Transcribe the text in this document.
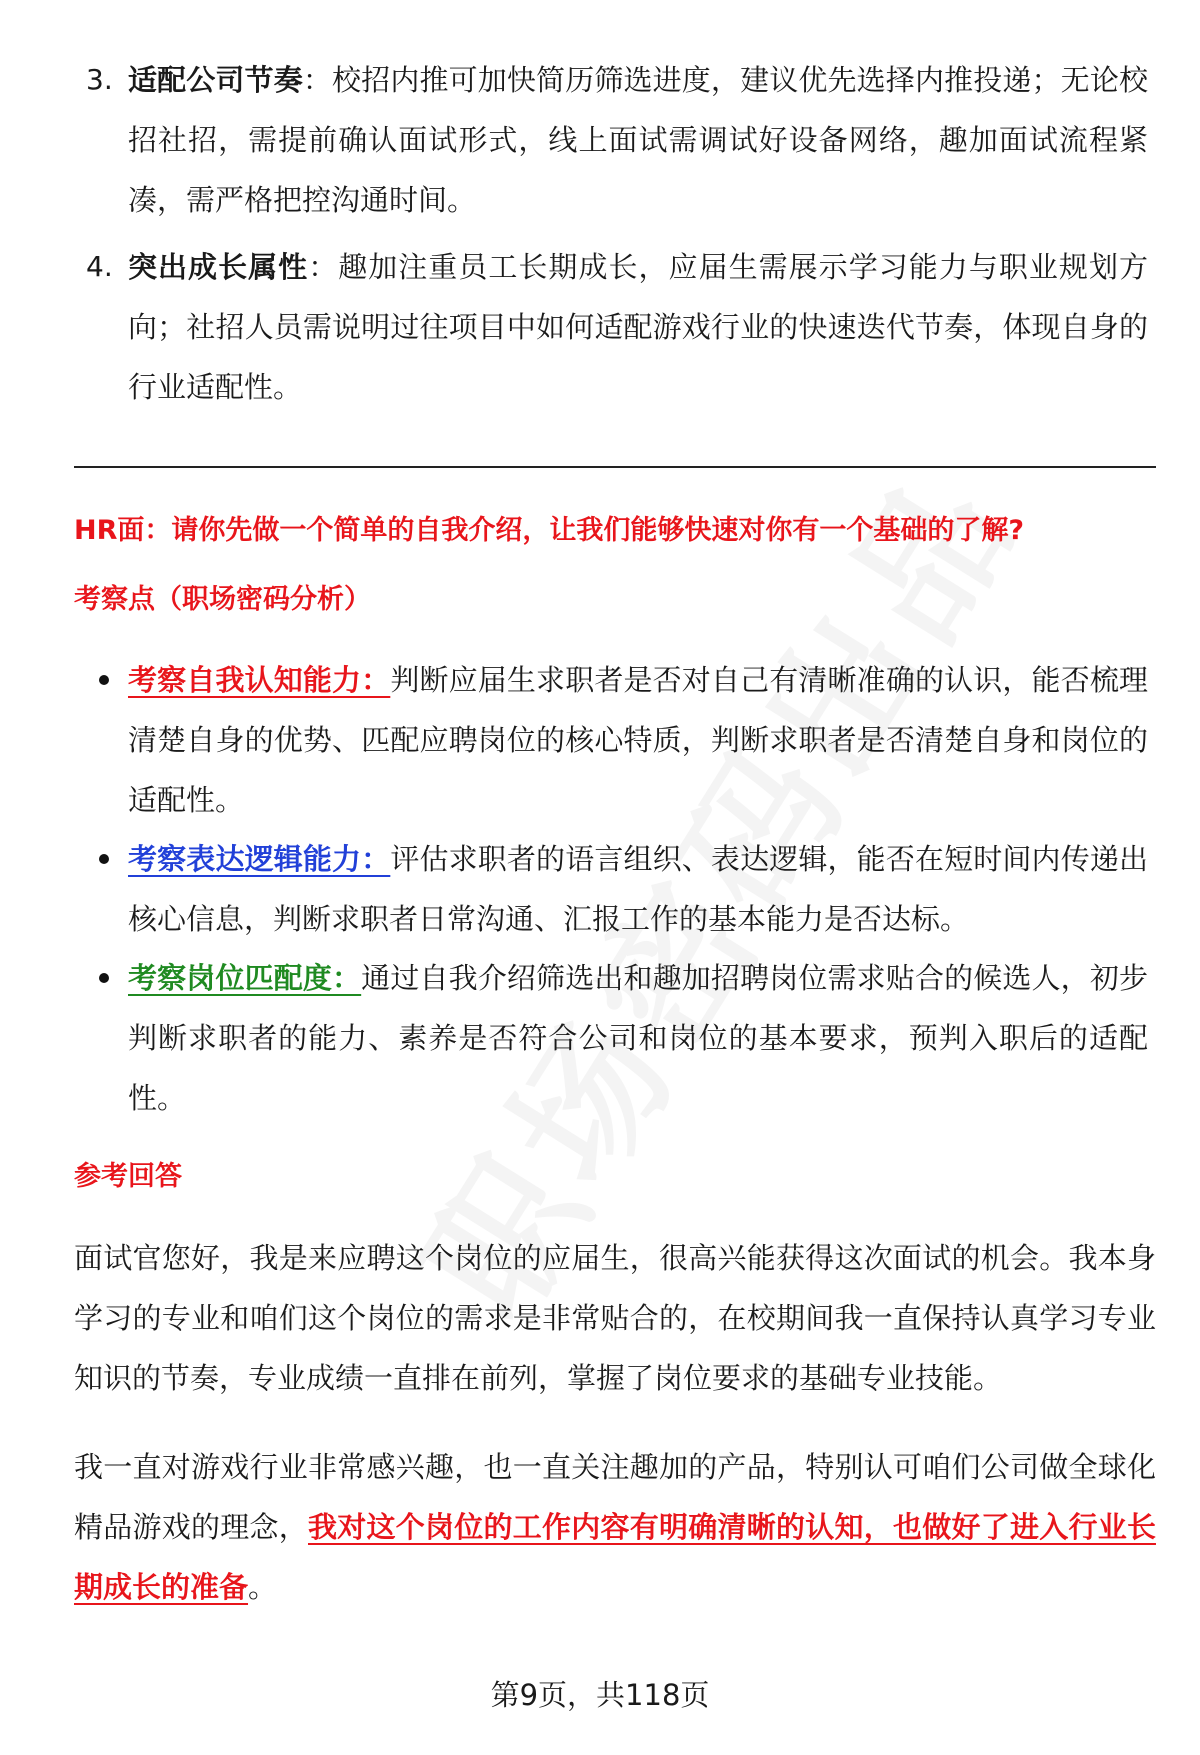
3. 适配公司节奏：校招内推可加快简历筛选进度，建议优先选择内推投递；无论校招社招，需提前确认面试形式，线上面试需调试好设备网络，趣加面试流程紧凑，需严格把控沟通时间。
4. 突出成长属性：趣加注重员工长期成长，应届生需展示学习能力与职业规划方向；社招人员需说明过往项目中如何适配游戏行业的快速迭代节奏，体现自身的行业适配性。
HR面：请你先做一个简单的自我介绍，让我们能够快速对你有一个基础的了解?
考察点（职场密码分析）
考察自我认知能力：判断应届生求职者是否对自己有清晰准确的认识，能否梳理清楚自身的优势、匹配应聘岗位的核心特质，判断求职者是否清楚自身和岗位的适配性。
考察表达逻辑能力：评估求职者的语言组织、表达逻辑，能否在短时间内传递出核心信息，判断求职者日常沟通、汇报工作的基本能力是否达标。
考察岗位匹配度：通过自我介绍筛选出和趣加招聘岗位需求贴合的候选人，初步判断求职者的能力、素养是否符合公司和岗位的基本要求，预判入职后的适配性。
参考回答
面试官您好，我是来应聘这个岗位的应届生，很高兴能获得这次面试的机会。我本身学习的专业和咱们这个岗位的需求是非常贴合的，在校期间我一直保持认真学习专业知识的节奏，专业成绩一直排在前列，掌握了岗位要求的基础专业技能。
我一直对游戏行业非常感兴趣，也一直关注趣加的产品，特别认可咱们公司做全球化精品游戏的理念，我对这个岗位的工作内容有明确清晰的认知，也做好了进入行业长期成长的准备。
第9页，共118页
